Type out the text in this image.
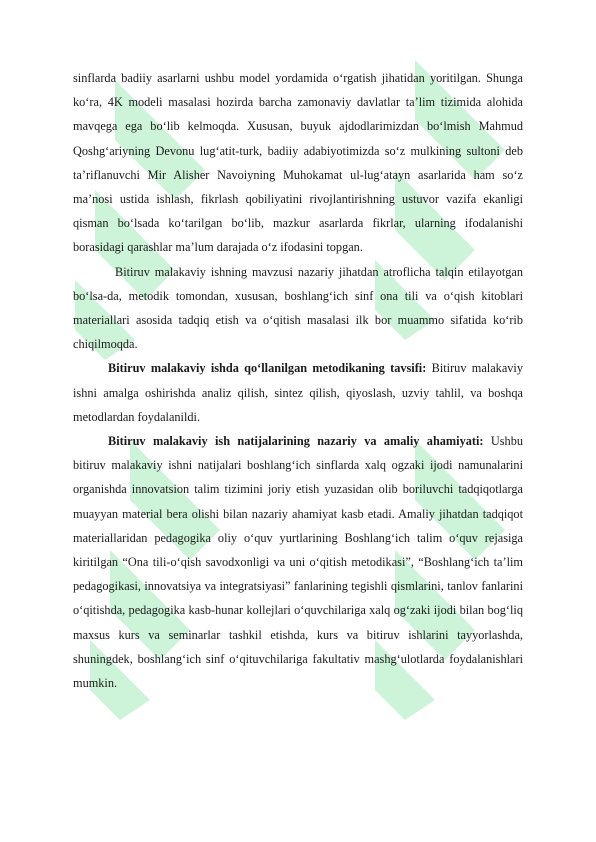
sinflarda badiiy asarlarni ushbu model yordamida o‘rgatish jihatidan yoritilgan. Shunga ko‘ra, 4K modeli masalasi hozirda barcha zamonaviy davlatlar ta’lim tizimida alohida mavqega ega bo‘lib kelmoqda. Xususan, buyuk ajdodlarimizdan bo‘lmish Mahmud Qoshg‘ariyning Devonu lug‘atit-turk, badiiy adabiyotimizda so‘z mulkining sultoni deb ta’riflanuvchi Mir Alisher Navoiyning Muhokamat ul-lug‘atayn asarlarida ham so‘z ma’nosi ustida ishlash, fikrlash qobiliyatini rivojlantirishning ustuvor vazifa ekanligi qisman bo‘lsada ko‘tarilgan bo‘lib, mazkur asarlarda fikrlar, ularning ifodalanishi borasidagi qarashlar ma’lum darajada o‘z ifodasini topgan.

Bitiruv malakaviy ishning mavzusi nazariy jihatdan atroflicha talqin etilayotgan bo‘lsa-da, metodik tomondan, xususan, boshlang‘ich sinf ona tili va o‘qish kitoblari materiallari asosida tadqiq etish va o‘qitish masalasi ilk bor muammo sifatida ko‘rib chiqilmoqda.

Bitiruv malakaviy ishda qo‘llanilgan metodikaning tavsifi: Bitiruv malakaviy ishni amalga oshirishda analiz qilish, sintez qilish, qiyoslash, uzviy tahlil, va boshqa metodlardan foydalanildi.

Bitiruv malakaviy ish natijalarining nazariy va amaliy ahamiyati: Ushbu bitiruv malakaviy ishni natijalari boshlang‘ich sinflarda xalq ogzaki ijodi namunalarini organishda innovatsion talim tizimini joriy etish yuzasidan olib boriluvchi tadqiqotlarga muayyan material bera olishi bilan nazariy ahamiyat kasb etadi. Amaliy jihatdan tadqiqot materiallaridan pedagogika oliy o‘quv yurtlarining Boshlang‘ich talim o‘quv rejasiga kiritilgan “Ona tili-o‘qish savodxonligi va uni o‘qitish metodikasi”, “Boshlang‘ich ta’lim pedagogikasi, innovatsiya va integratsiyasi” fanlarining tegishli qismlarini, tanlov fanlarini o‘qitishda, pedagogika kasb-hunar kollejlari o‘quvchilariga xalq og‘zaki ijodi bilan bog‘liq maxsus kurs va seminarlar tashkil etishda, kurs va bitiruv ishlarini tayyorlashda, shuningdek, boshlang‘ich sinf o‘qituvchilariga fakultativ mashg‘ulotlarda foydalanishlari mumkin.
